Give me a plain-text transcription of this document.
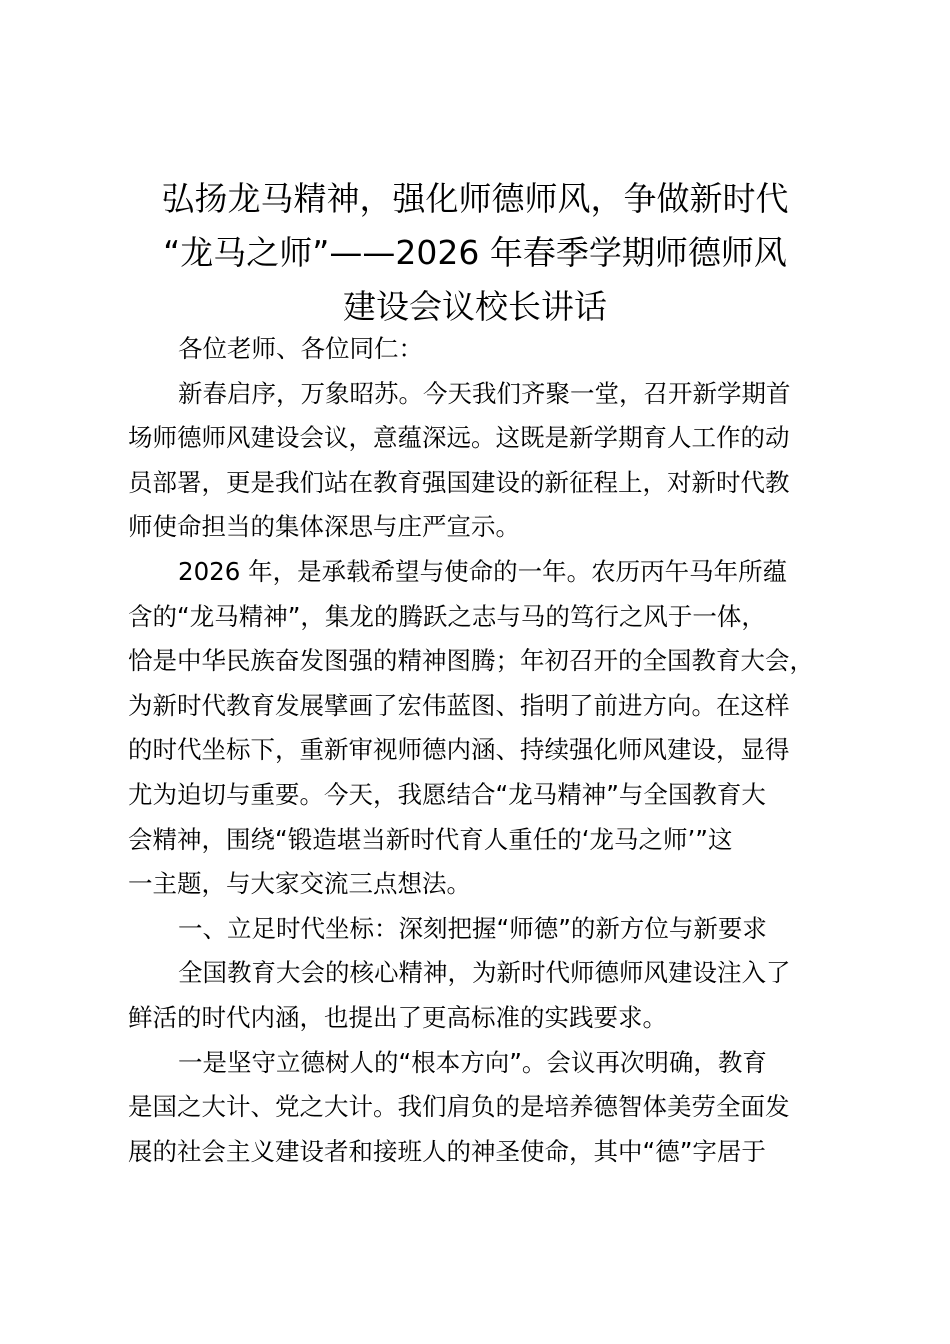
弘扬龙马精神，强化师德师风，争做新时代
“龙马之师”——2026 年春季学期师德师风
建设会议校长讲话
各位老师、各位同仁：
新春启序，万象昭苏。今天我们齐聚一堂，召开新学期首
场师德师风建设会议，意蕴深远。这既是新学期育人工作的动
员部署，更是我们站在教育强国建设的新征程上，对新时代教
师使命担当的集体深思与庄严宣示。
2026 年，是承载希望与使命的一年。农历丙午马年所蕴
含的“龙马精神”，集龙的腾跃之志与马的笃行之风于一体，
恰是中华民族奋发图强的精神图腾；年初召开的全国教育大会，
为新时代教育发展擘画了宏伟蓝图、指明了前进方向。在这样
的时代坐标下，重新审视师德内涵、持续强化师风建设，显得
尤为迫切与重要。今天，我愿结合“龙马精神”与全国教育大
会精神，围绕“锻造堪当新时代育人重任的‘龙马之师’”这
一主题，与大家交流三点想法。
一、立足时代坐标：深刻把握“师德”的新方位与新要求
全国教育大会的核心精神，为新时代师德师风建设注入了
鲜活的时代内涵，也提出了更高标准的实践要求。
一是坚守立德树人的“根本方向”。会议再次明确，教育
是国之大计、党之大计。我们肩负的是培养德智体美劳全面发
展的社会主义建设者和接班人的神圣使命，其中“德”字居于
